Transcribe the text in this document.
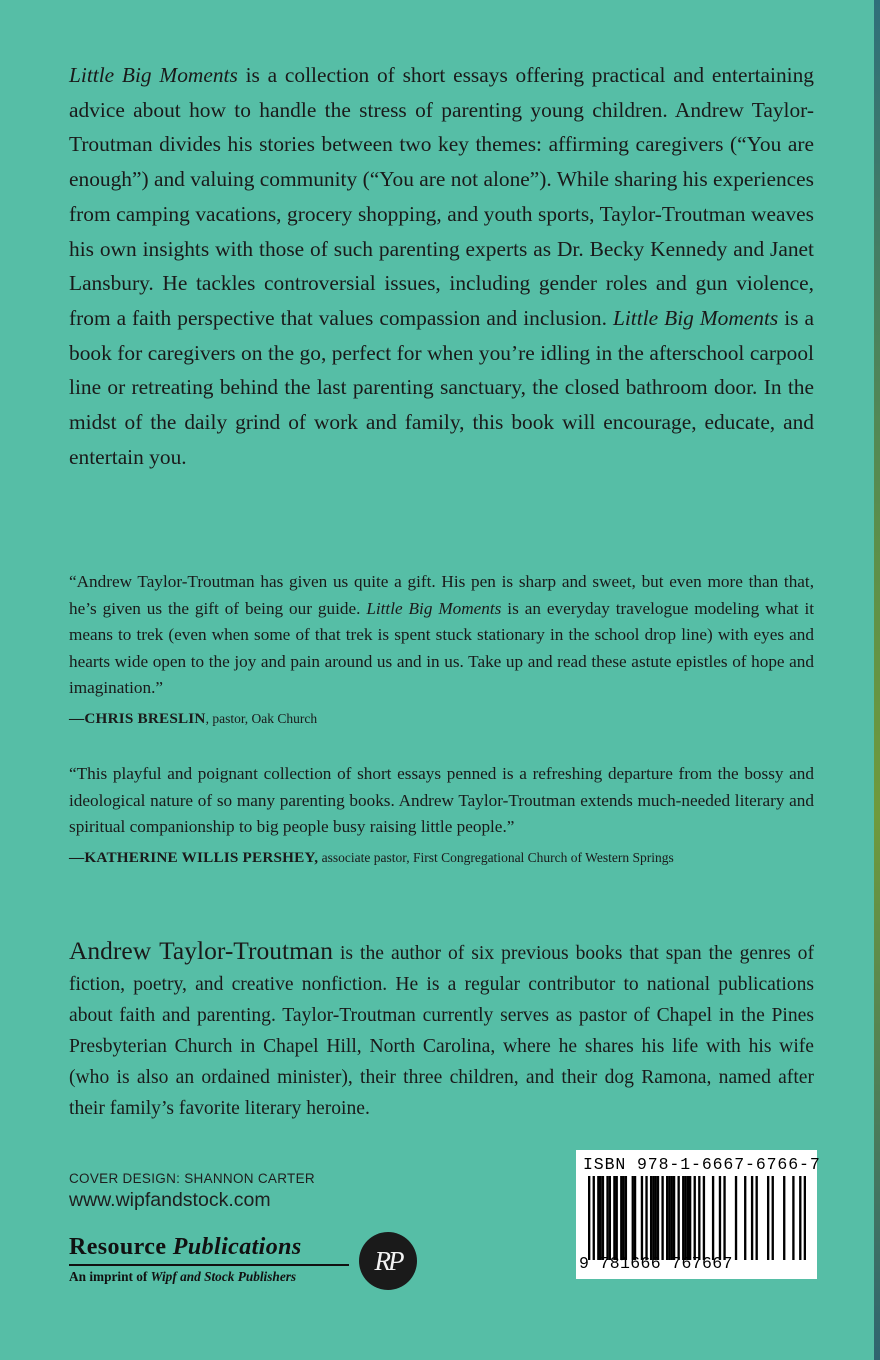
Little Big Moments is a collection of short essays offering practical and entertaining advice about how to handle the stress of parenting young children. Andrew Taylor-Troutman divides his stories between two key themes: affirming caregivers (“You are enough”) and valuing community (“You are not alone”). While sharing his experiences from camping vacations, grocery shopping, and youth sports, Taylor-Troutman weaves his own insights with those of such parenting experts as Dr. Becky Kennedy and Janet Lansbury. He tackles controversial issues, including gender roles and gun violence, from a faith perspective that values compassion and inclusion. Little Big Moments is a book for caregivers on the go, perfect for when you’re idling in the afterschool carpool line or retreating behind the last parenting sanctuary, the closed bathroom door. In the midst of the daily grind of work and family, this book will encourage, educate, and entertain you.
“Andrew Taylor-Troutman has given us quite a gift. His pen is sharp and sweet, but even more than that, he’s given us the gift of being our guide. Little Big Moments is an everyday travelogue modeling what it means to trek (even when some of that trek is spent stuck stationary in the school drop line) with eyes and hearts wide open to the joy and pain around us and in us. Take up and read these astute epistles of hope and imagination.”
—CHRIS BRESLIN, pastor, Oak Church
“This playful and poignant collection of short essays penned is a refreshing departure from the bossy and ideological nature of so many parenting books. Andrew Taylor-Troutman extends much-needed literary and spiritual companionship to big people busy raising little people.”
—KATHERINE WILLIS PERSHEY, associate pastor, First Congregational Church of Western Springs
Andrew Taylor-Troutman is the author of six previous books that span the genres of fiction, poetry, and creative nonfiction. He is a regular contributor to national publications about faith and parenting. Taylor-Troutman currently serves as pastor of Chapel in the Pines Presbyterian Church in Chapel Hill, North Carolina, where he shares his life with his wife (who is also an ordained minister), their three children, and their dog Ramona, named after their family’s favorite literary heroine.
COVER DESIGN: SHANNON CARTER
www.wipfandstock.com
Resource Publications
An imprint of Wipf and Stock Publishers
RP
ISBN 978-1-6667-6766-7
9 781666 767667
